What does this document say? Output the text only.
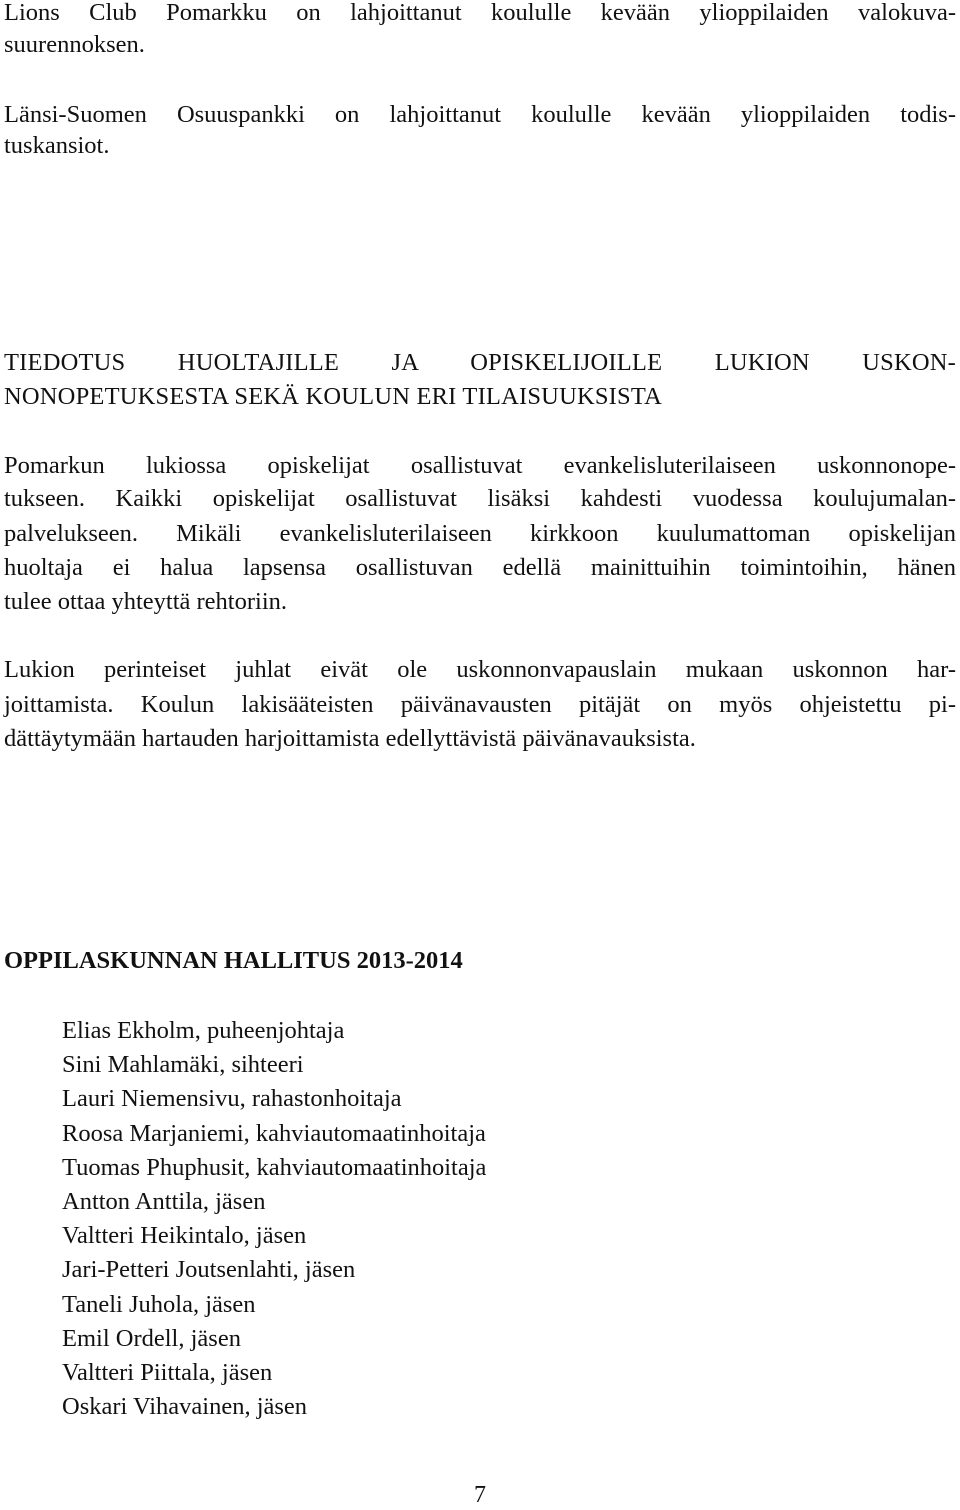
Lions Club Pomarkku on lahjoittanut koululle kevään ylioppilaiden valokuva-

suurennoksen.

Länsi-Suomen Osuuspankki on lahjoittanut koululle kevään ylioppilaiden todis-

tuskansiot.

TIEDOTUS HUOLTAJILLE JA OPISKELIJOILLE LUKION USKON-
NONOPETUKSESTA SEKÄ KOULUN ERI TILAISUUKSISTA

Pomarkun lukiossa opiskelijat osallistuvat evankelisluterilaiseen uskonnonope-

tukseen. Kaikki opiskelijat osallistuvat lisäksi kahdesti vuodessa koulujumalan-

palvelukseen. Mikäli evankelisluterilaiseen kirkkoon kuulumattoman opiskelijan

huoltaja ei halua lapsensa osallistuvan edellä mainittuihin toimintoihin, hänen

tulee ottaa yhteyttä rehtoriin.

Lukion perinteiset juhlat eivät ole uskonnonvapauslain mukaan uskonnon har-

joittamista. Koulun lakisääteisten päivänavausten pitäjät on myös ohjeistettu pi-

dättäytymään hartauden harjoittamista edellyttävistä päivänavauksista.

OPPILASKUNNAN HALLITUS 2013-2014
Elias Ekholm, puheenjohtaja
Sini Mahlamäki, sihteeri
Lauri Niemensivu, rahastonhoitaja
Roosa Marjaniemi, kahviautomaatinhoitaja
Tuomas Phuphusit, kahviautomaatinhoitaja
Antton Anttila, jäsen
Valtteri Heikintalo, jäsen
Jari-Petteri Joutsenlahti, jäsen
Taneli Juhola, jäsen
Emil Ordell, jäsen
Valtteri Piittala, jäsen
Oskari Vihavainen, jäsen
7
